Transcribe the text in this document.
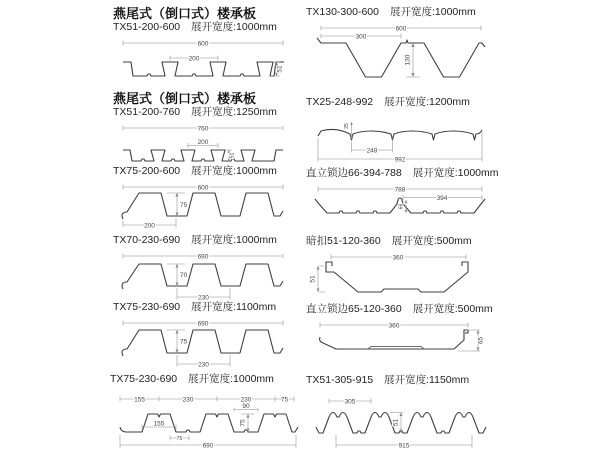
燕尾式（倒口式）楼承板
TX51-200-600 展开宽度:1000mm
600
200
51
燕尾式（倒口式）楼承板
TX51-200-760 展开宽度:1250mm
760
200
51
TX75-200-600 展开宽度:1000mm
600
75
200
TX70-230-690 展开宽度:1000mm
690
70
230
TX75-230-690 展开宽度:1100mm
690
75
230
TX75-230-690 展开宽度:1000mm
155	230	230	75
90
155
75
75
690
TX130-300-600 展开宽度:1000mm
600
300
130
TX25-248-992 展开宽度:1200mm
25
248
992
直立锁边66-394-788 展开宽度:1000mm
788
394
66
暗扣51-120-360 展开宽度:500mm
360
51
直立锁边65-120-360 展开宽度:500mm
360
65
TX51-305-915 展开宽度:1150mm
305
51
915
